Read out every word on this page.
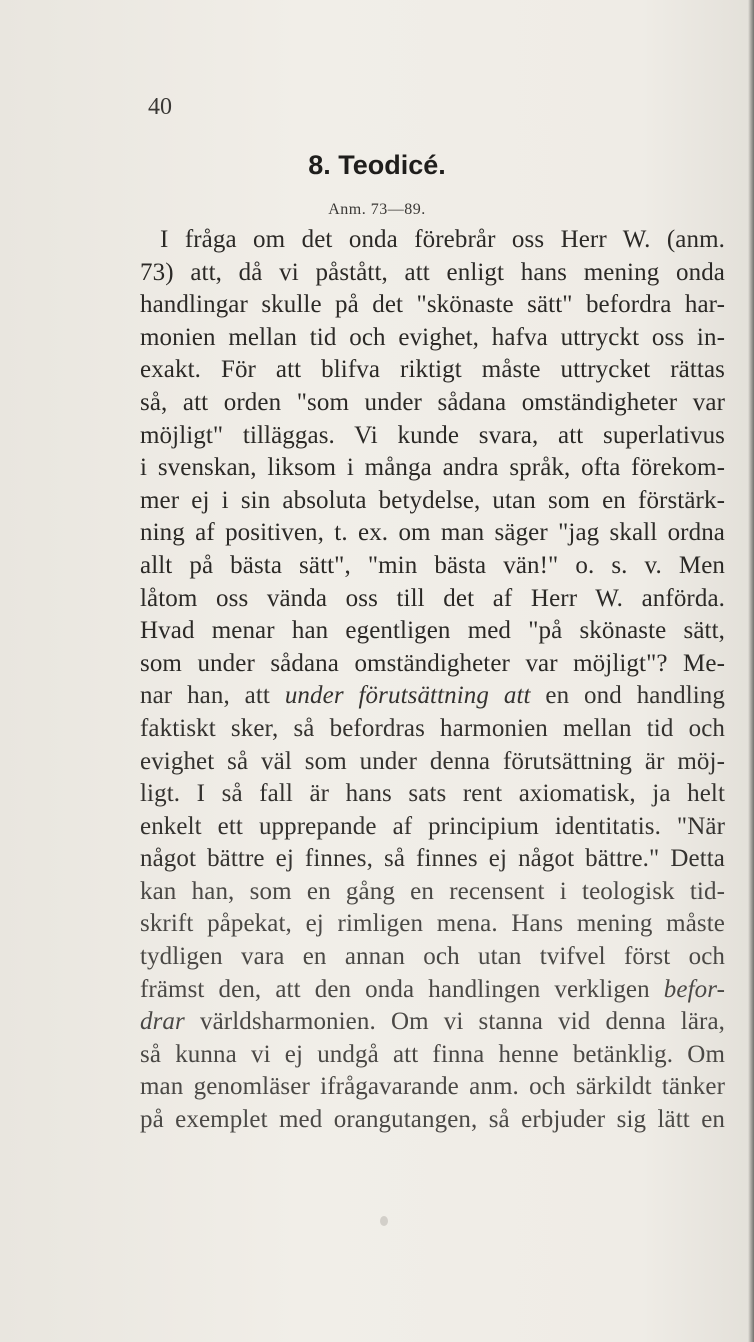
40
8. Teodicé.
Anm. 73—89.
I fråga om det onda förebrår oss Herr W. (anm.
73) att, då vi påstått, att enligt hans mening onda
handlingar skulle på det "skönaste sätt" befordra har-
monien mellan tid och evighet, hafva uttryckt oss in-
exakt. För att blifva riktigt måste uttrycket rättas
så, att orden "som under sådana omständigheter var
möjligt" tilläggas. Vi kunde svara, att superlativus
i svenskan, liksom i många andra språk, ofta förekom-
mer ej i sin absoluta betydelse, utan som en förstärk-
ning af positiven, t. ex. om man säger "jag skall ordna
allt på bästa sätt", "min bästa vän!" o. s. v. Men
låtom oss vända oss till det af Herr W. anförda.
Hvad menar han egentligen med "på skönaste sätt,
som under sådana omständigheter var möjligt"? Me-
nar han, att under förutsättning att en ond handling
faktiskt sker, så befordras harmonien mellan tid och
evighet så väl som under denna förutsättning är möj-
ligt. I så fall är hans sats rent axiomatisk, ja helt
enkelt ett upprepande af principium identitatis. "När
något bättre ej finnes, så finnes ej något bättre." Detta
kan han, som en gång en recensent i teologisk tid-
skrift påpekat, ej rimligen mena. Hans mening måste
tydligen vara en annan och utan tvifvel först och
främst den, att den onda handlingen verkligen befor-
drar världsharmonien. Om vi stanna vid denna lära,
så kunna vi ej undgå att finna henne betänklig. Om
man genomläser ifrågavarande anm. och särkildt tänker
på exemplet med orangutangen, så erbjuder sig lätt en
